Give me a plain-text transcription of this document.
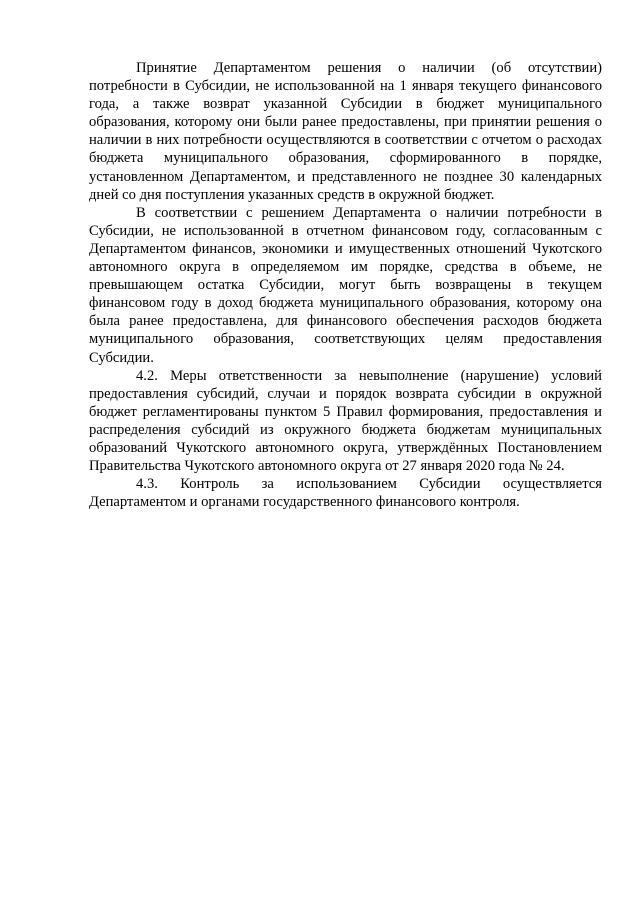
Принятие Департаментом решения о наличии (об отсутствии) потребности в Субсидии, не использованной на 1 января текущего финансового года, а также возврат указанной Субсидии в бюджет муниципального образования, которому они были ранее предоставлены, при принятии решения о наличии в них потребности осуществляются в соответствии с отчетом о расходах бюджета муниципального образования, сформированного в порядке, установленном Департаментом, и представленного не позднее 30 календарных дней со дня поступления указанных средств в окружной бюджет.

В соответствии с решением Департамента о наличии потребности в Субсидии, не использованной в отчетном финансовом году, согласованным с Департаментом финансов, экономики и имущественных отношений Чукотского автономного округа в определяемом им порядке, средства в объеме, не превышающем остатка Субсидии, могут быть возвращены в текущем финансовом году в доход бюджета муниципального образования, которому она была ранее предоставлена, для финансового обеспечения расходов бюджета муниципального образования, соответствующих целям предоставления Субсидии.

4.2. Меры ответственности за невыполнение (нарушение) условий предоставления субсидий, случаи и порядок возврата субсидии в окружной бюджет регламентированы пунктом 5 Правил формирования, предоставления и распределения субсидий из окружного бюджета бюджетам муниципальных образований Чукотского автономного округа, утверждённых Постановлением Правительства Чукотского автономного округа от 27 января 2020 года № 24.

4.3. Контроль за использованием Субсидии осуществляется Департаментом и органами государственного финансового контроля.
